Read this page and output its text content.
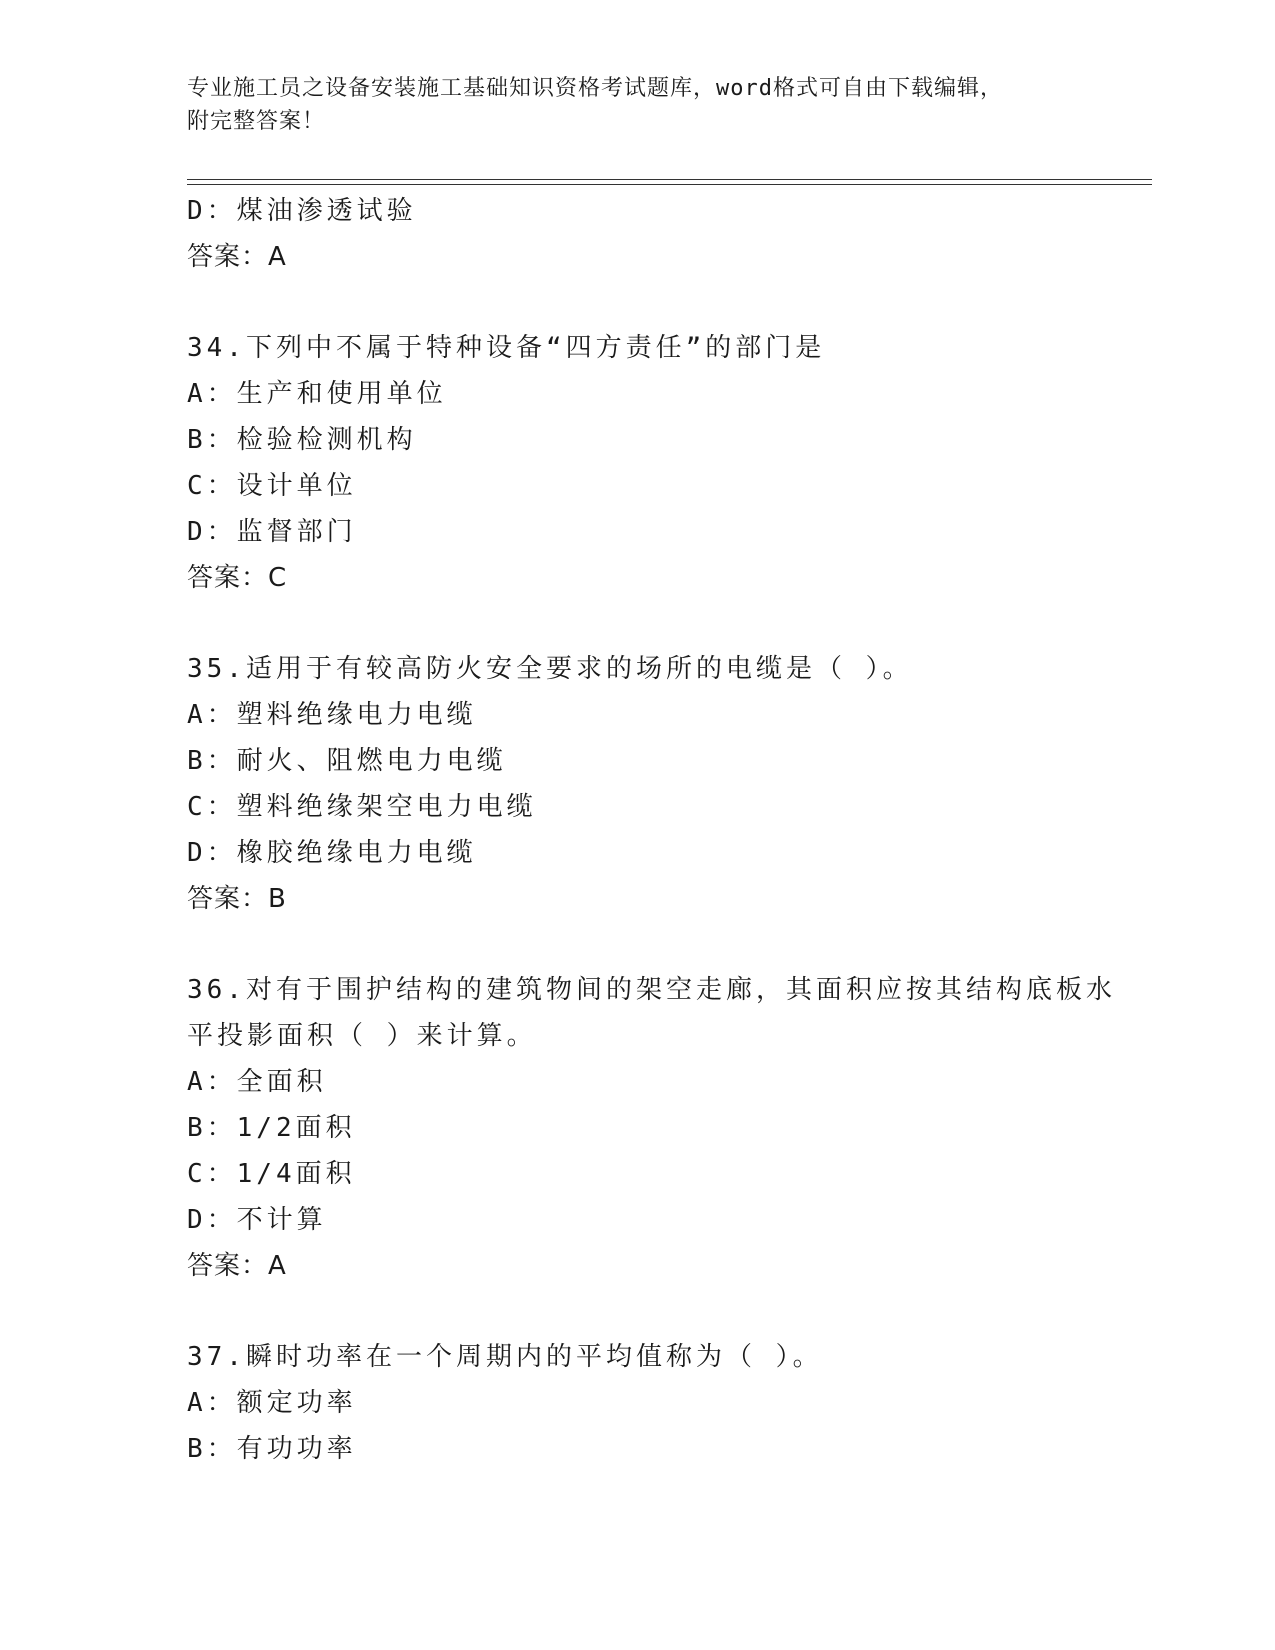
专业施工员之设备安装施工基础知识资格考试题库，word格式可自由下载编辑，
附完整答案！
D：煤油渗透试验
答案：A
34.下列中不属于特种设备“四方责任”的部门是
A：生产和使用单位
B：检验检测机构
C：设计单位
D：监督部门
答案：C
35.适用于有较高防火安全要求的场所的电缆是（ ）。
A：塑料绝缘电力电缆
B：耐火、阻燃电力电缆
C：塑料绝缘架空电力电缆
D：橡胶绝缘电力电缆
答案：B
36.对有于围护结构的建筑物间的架空走廊，其面积应按其结构底板水
平投影面积（ ）来计算。
A：全面积
B：1/2面积
C：1/4面积
D：不计算
答案：A
37.瞬时功率在一个周期内的平均值称为（ ）。
A：额定功率
B：有功功率
